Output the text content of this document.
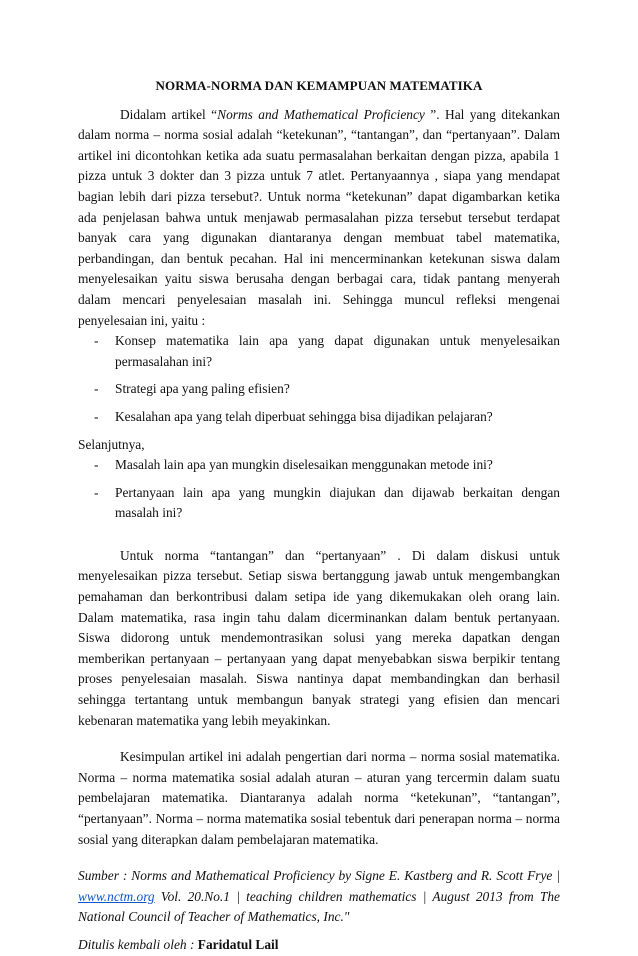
NORMA-NORMA DAN KEMAMPUAN MATEMATIKA

Didalam artikel “Norms and Mathematical Proficiency ”. Hal yang ditekankan dalam norma – norma sosial adalah “ketekunan”, “tantangan”, dan “pertanyaan”. Dalam artikel ini dicontohkan ketika ada suatu permasalahan berkaitan dengan pizza, apabila 1 pizza untuk 3 dokter dan 3 pizza untuk 7 atlet. Pertanyaannya , siapa yang mendapat bagian lebih dari pizza tersebut?. Untuk norma “ketekunan” dapat digambarkan ketika ada penjelasan bahwa untuk menjawab permasalahan pizza tersebut tersebut terdapat banyak cara yang digunakan diantaranya dengan membuat tabel matematika, perbandingan, dan bentuk pecahan. Hal ini mencerminankan ketekunan siswa dalam menyelesaikan yaitu siswa berusaha dengan berbagai cara, tidak pantang menyerah dalam mencari penyelesaian masalah ini. Sehingga muncul refleksi mengenai penyelesaian ini, yaitu :

- Konsep matematika lain apa yang dapat digunakan untuk menyelesaikan permasalahan ini?
- Strategi apa yang paling efisien?
- Kesalahan apa yang telah diperbuat sehingga bisa dijadikan pelajaran?

Selanjutnya,

- Masalah lain apa yan mungkin diselesaikan menggunakan metode ini?
- Pertanyaan lain apa yang mungkin diajukan dan dijawab berkaitan dengan masalah ini?

Untuk norma “tantangan” dan “pertanyaan” . Di dalam diskusi untuk menyelesaikan pizza tersebut. Setiap siswa bertanggung jawab untuk mengembangkan pemahaman dan berkontribusi dalam setipa ide yang dikemukakan oleh orang lain. Dalam matematika, rasa ingin tahu dalam dicerminankan dalam bentuk pertanyaan. Siswa didorong untuk mendemontrasikan solusi yang mereka dapatkan dengan memberikan pertanyaan – pertanyaan yang dapat menyebabkan siswa berpikir tentang proses penyelesaian masalah. Siswa nantinya dapat membandingkan dan berhasil sehingga tertantang untuk membangun banyak strategi yang efisien dan mencari kebenaran matematika yang lebih meyakinkan.

Kesimpulan artikel ini adalah pengertian dari norma – norma sosial matematika. Norma – norma matematika sosial adalah aturan – aturan yang tercermin dalam suatu pembelajaran matematika. Diantaranya adalah norma “ketekunan”, “tantangan”, “pertanyaan”. Norma – norma matematika sosial tebentuk dari penerapan norma – norma sosial yang diterapkan dalam pembelajaran matematika.

Sumber : Norms and Mathematical Proficiency by Signe E. Kastberg and R. Scott Frye | www.nctm.org Vol. 20.No.1 | teaching children mathematics | August 2013 from The National Council of Teacher of Mathematics, Inc."

Ditulis kembali oleh : Faridatul Lail
